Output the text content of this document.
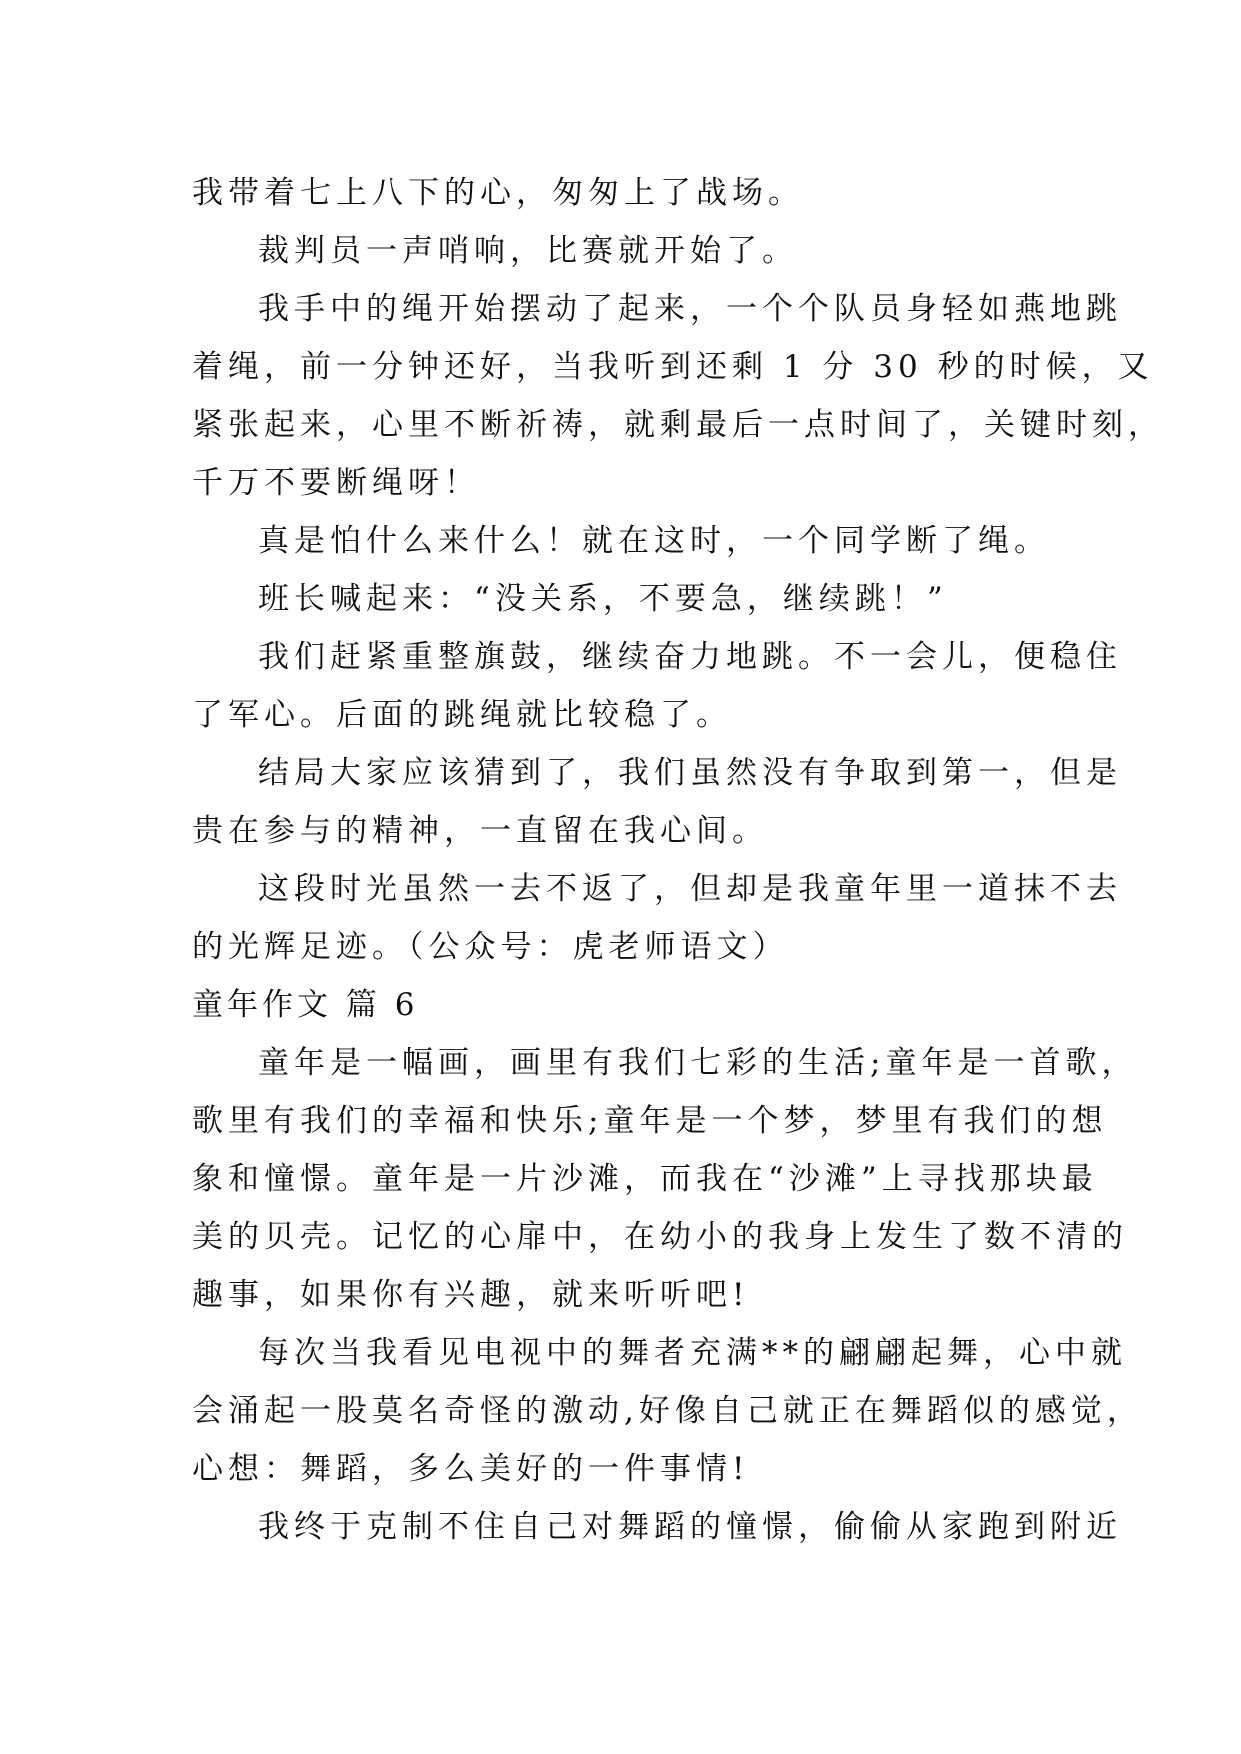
我带着七上八下的心，匆匆上了战场。
裁判员一声哨响，比赛就开始了。
我手中的绳开始摆动了起来，一个个队员身轻如燕地跳
着绳，前一分钟还好，当我听到还剩 1 分 30 秒的时候，又
紧张起来，心里不断祈祷，就剩最后一点时间了，关键时刻，
千万不要断绳呀！
真是怕什么来什么！就在这时，一个同学断了绳。
班长喊起来：“没关系，不要急，继续跳！”
我们赶紧重整旗鼓，继续奋力地跳。不一会儿，便稳住
了军心。后面的跳绳就比较稳了。
结局大家应该猜到了，我们虽然没有争取到第一，但是
贵在参与的精神，一直留在我心间。
这段时光虽然一去不返了，但却是我童年里一道抹不去
的光辉足迹。（公众号：虎老师语文）
童年作文 篇 6
童年是一幅画，画里有我们七彩的生活;童年是一首歌，
歌里有我们的幸福和快乐;童年是一个梦，梦里有我们的想
象和憧憬。童年是一片沙滩，而我在“沙滩”上寻找那块最
美的贝壳。记忆的心扉中，在幼小的我身上发生了数不清的
趣事，如果你有兴趣，就来听听吧!
每次当我看见电视中的舞者充满**的翩翩起舞，心中就
会涌起一股莫名奇怪的激动,好像自己就正在舞蹈似的感觉，
心想：舞蹈，多么美好的一件事情!
我终于克制不住自己对舞蹈的憧憬，偷偷从家跑到附近
